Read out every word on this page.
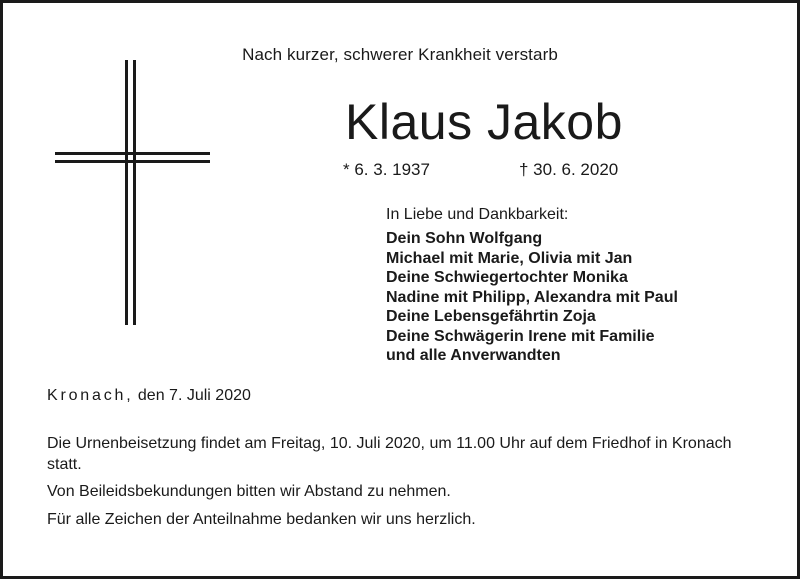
Nach kurzer, schwerer Krankheit verstarb
Klaus Jakob
* 6. 3. 1937	† 30. 6. 2020
In Liebe und Dankbarkeit:
Dein Sohn Wolfgang
Michael mit Marie, Olivia mit Jan
Deine Schwiegertochter Monika
Nadine mit Philipp, Alexandra mit Paul
Deine Lebensgefährtin Zoja
Deine Schwägerin Irene mit Familie
und alle Anverwandten
Kronach, den 7. Juli 2020

Die Urnenbeisetzung findet am Freitag, 10. Juli 2020, um 11.00 Uhr auf dem Friedhof in Kronach statt.

Von Beileidsbekundungen bitten wir Abstand zu nehmen.

Für alle Zeichen der Anteilnahme bedanken wir uns herzlich.
